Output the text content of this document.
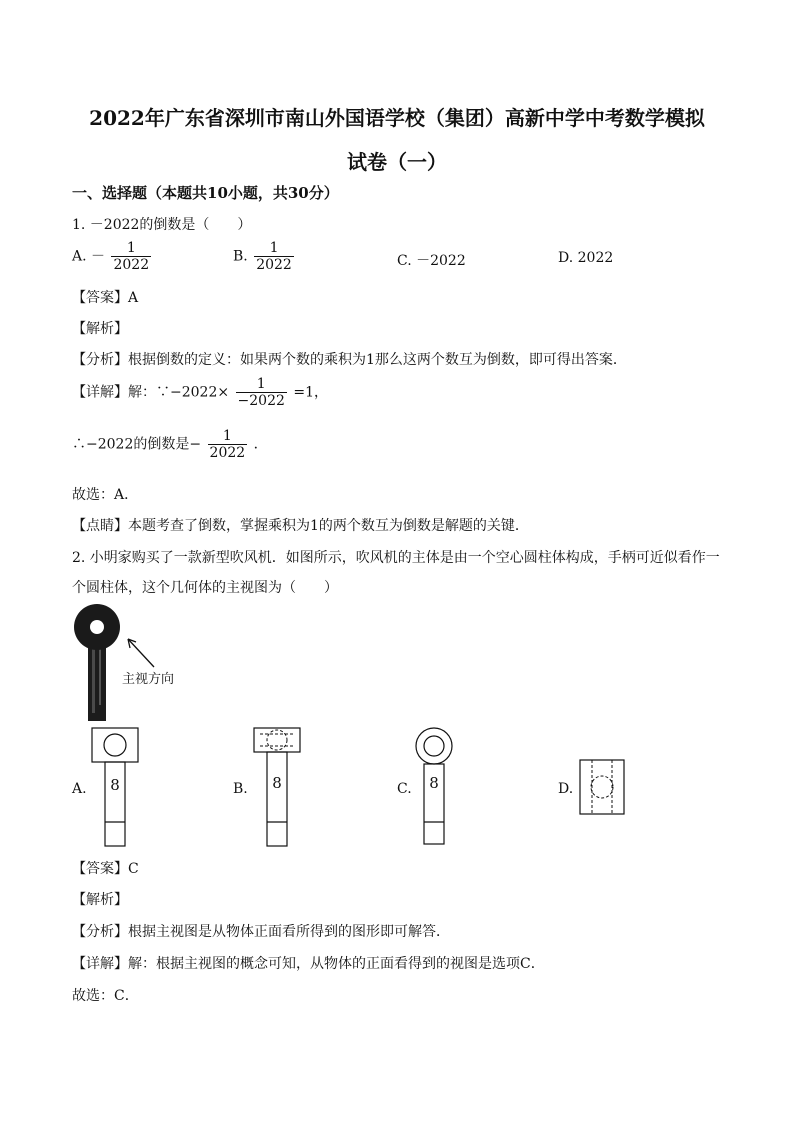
2022年广东省深圳市南山外国语学校（集团）高新中学中考数学模拟
试卷（一）
一、选择题（本题共10小题，共30分）
1. －2022的倒数是（　　）
A. － $\frac{1}{2022}$	B. $\frac{1}{2022}$	C. －2022	D. 2022
【答案】A
【解析】
【分析】根据倒数的定义：如果两个数的乘积为1那么这两个数互为倒数，即可得出答案．
【详解】解：∵−2022× $\frac{1}{-2022} =1$，
∴−2022的倒数是− $\frac{1}{2022}$ ．
故选：A．
【点睛】本题考查了倒数，掌握乘积为1的两个数互为倒数是解题的关键．
2. 小明家购买了一款新型吹风机．如图所示，吹风机的主体是由一个空心圆柱体构成，手柄可近似看作一
个圆柱体，这个几何体的主视图为（　　）
主视方向
A. 8	B. 8	C. 8	D.
【答案】C
【解析】
【分析】根据主视图是从物体正面看所得到的图形即可解答．
【详解】解：根据主视图的概念可知，从物体的正面看得到的视图是选项C．
故选：C．
